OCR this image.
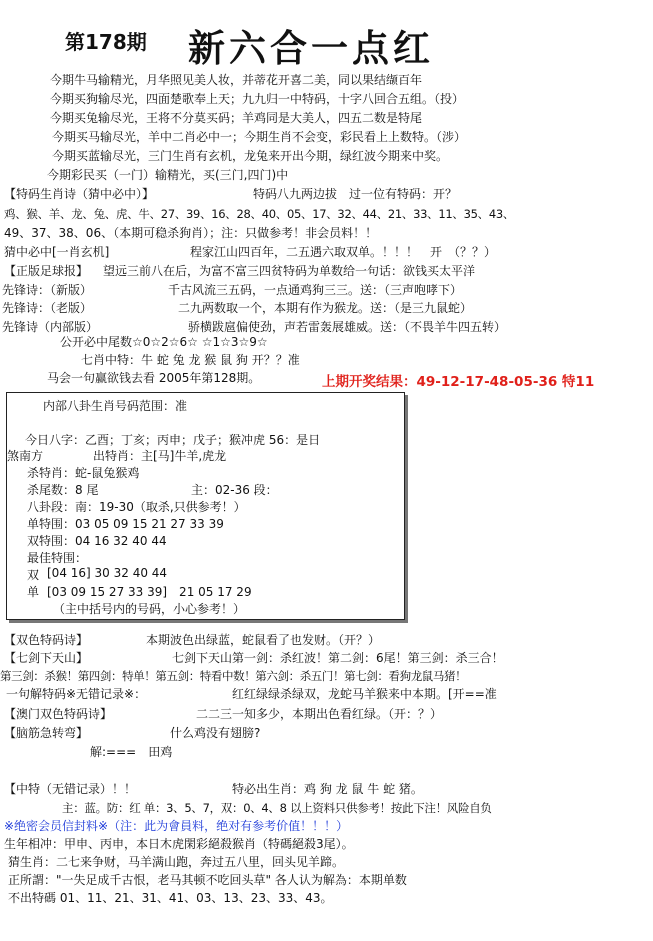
第178期 新六合一点红
今期牛马输精光，月华照见美人妆，并蒂花开喜二美，同以果结缬百年
今期买狗输尽光，四面楚歌奉上天；九九归一中特码，十字八回合五组。（投）
今期买兔输尽光，王将不分莫买码；羊鸡同是大美人，四五二数是特尾
今期买马输尽光，羊中二肖必中一；今期生肖不会变，彩民看上上数特。（涉）
今期买蓝输尽光，三门生肖有玄机，龙兔来开出今期，绿红波今期来中奖。
今期彩民买（一门）输精光，买(三门,四门)中
【特码生肖诗（猜中必中）】	特码八九两边拔　过一位有特码：开？
鸡、猴、羊、龙、兔、虎、牛、27、39、16、28、40、05、17、32、44、21、33、11、35、43、
49、37、38、06、（本期可稳杀狗肖）；注：只做参考！非会员料！！
猜中必中[一肖玄机]	程家江山四百年，二五遇六取双单。！！！　开　（？？）
【正版足球报】 望远三前八在后，为富不富三四贫特码为单数给一句话：欲钱买太平洋
先锋诗：（新版）	千古风流三五码，一点通鸡狗三三。送：（三声咆哮下）
先锋诗：（老版）	二九两数取一个，本期有作为猴龙。送：（是三九鼠蛇）
先锋诗（内部版）	骄横跋扈偏使劲，声若雷轰展雄威。送：（不畏羊牛四五转）
公开必中尾数☆0☆2☆6☆ ☆1☆3☆9☆
七肖中特：牛 蛇 兔 龙 猴 鼠 狗 开？？准
马会一句赢欲钱去看 2005年第128期。	上期开奖结果：49-12-17-48-05-36 特11
内部八卦生肖号码范围：准
今日八字：乙酉；丁亥；丙申；戊子；猴冲虎 56：是日
煞南方	出特肖：主[马]牛羊,虎龙
杀特肖：蛇-鼠兔猴鸡
杀尾数：8 尾	主：02-36 段：
八卦段：南：19-30（取杀,只供参考！）
单特围：03 05 09 15 21 27 33 39
双特围：04 16 32 40 44
最佳特围：
双 [04 16] 30 32 40 44
单 [03 09 15 27 33 39]　21 05 17 29
（主中括号内的号码，小心参考！）
【双色特码诗】	本期波色出绿蓝，蛇鼠看了也发财。（开？）
【七剑下天山】	七剑下天山第一剑：杀红波！第二剑：6尾！第三剑：杀三合！
第三剑：杀猴！第四剑：特单！第五剑：特看中数！第六剑：杀五门！第七剑：看狗龙鼠马猪！
一句解特码※无错记录※：	红红绿绿杀绿双，龙蛇马羊猴来中本期。[开==准
【澳门双色特码诗】	二二三一知多少，本期出色看红绿。（开：？）
【脑筋急转弯】	什么鸡没有翅膀?
解:===　田鸡
【中特（无错记录）！！	特必出生肖：鸡 狗 龙 鼠 牛 蛇 猪。
主：蓝。防：红 单：3、5、7，双：0、4、8 以上资料只供参考！按此下注！风险自负
※绝密会员信封料※（注：此为會員料，绝对有参考价值！！！）
生年相冲：甲申、丙申，本日木虎閑彩絕殺猴肖（特碼絕殺3尾）。
猜生肖：二七来争财，马羊满山跑，奔过五八里，回头见羊蹄。
正所謂："一失足成千古恨，老马其顿不吃回头草" 各人认为解為：本期单数
不出特碼 01、11、21、31、41、03、13、23、33、43。
